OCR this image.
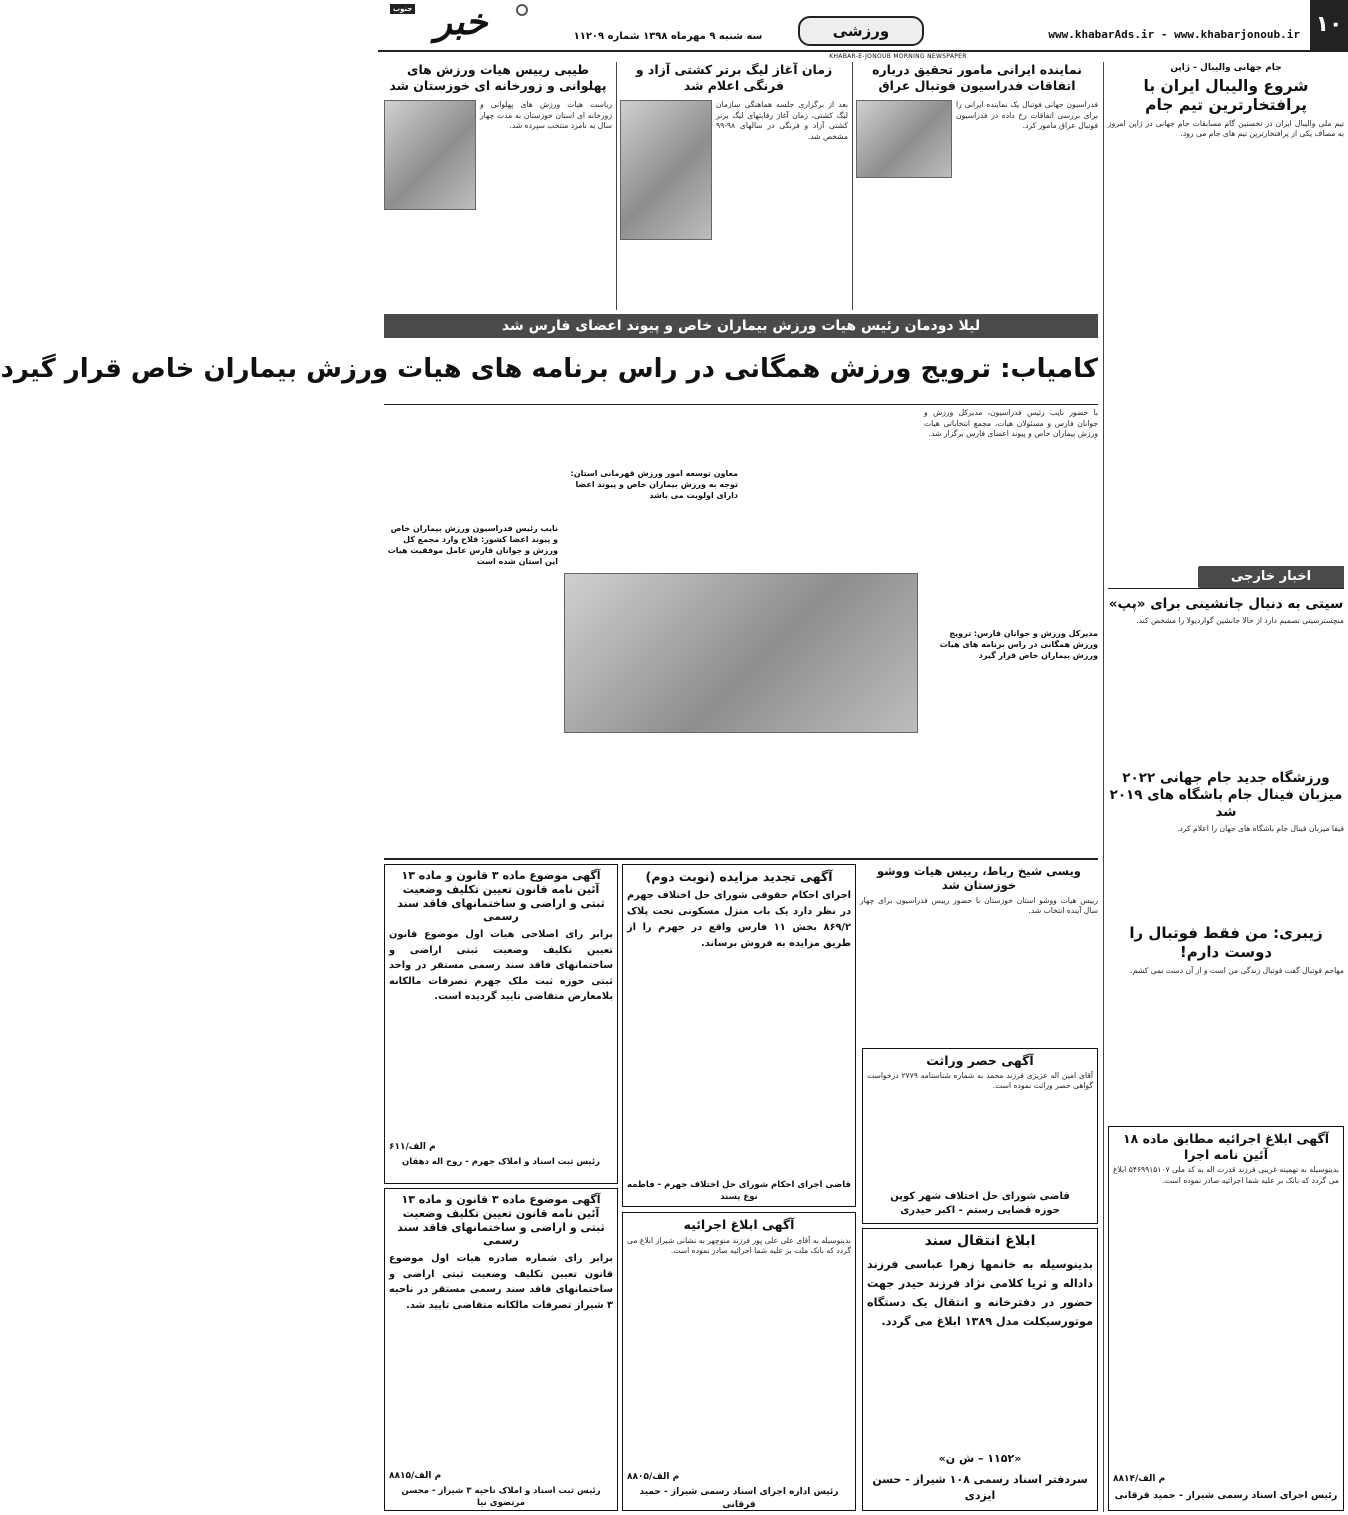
۱۰
www.khabarAds.ir - www.khabarjonoub.ir
ورزشی
سه شنبه ۹ مهرماه ۱۳۹۸ شماره ۱۱۲۰۹
خبر
جنوب
KHABAR-E-JONOUB MORNING NEWSPAPER
جام جهانی والیبال - ژاپن
شروع والیبال ایران با پرافتخارترین تیم جام

تیم ملی والیبال ایران در نخستین گام مسابقات جام جهانی در ژاپن امروز به مصاف یکی از پرافتخارترین تیم های جام می رود.

اخبار خارجی
سیتی به دنبال جانشینی برای «پپ»

منچسترسیتی تصمیم دارد از حالا جانشین گواردیولا را مشخص کند.

ورزشگاه جدید جام جهانی ۲۰۲۲ میزبان فینال جام باشگاه های ۲۰۱۹ شد

فیفا میزبان فینال جام باشگاه های جهان را اعلام کرد.

زیبری: من فقط فوتبال را دوست دارم!

مهاجم فوتبال گفت فوتبال زندگی من است و از آن دست نمی کشم.

آگهی ابلاغ اجرائیه مطابق ماده ۱۸ آئین نامه اجرا

بدینوسیله به تهمینه غریبی فرزند قدرت اله به کد ملی ۵۴۶۹۹۱۵۱۰۷ ابلاغ می گردد که بانک بر علیه شما اجرائیه صادر نموده است.

۸۸۱۴/م الف
رئیس اجرای اسناد رسمی شیراز - حمید قرقانی
نماینده ایرانی مامور تحقیق درباره اتفاقات فدراسیون فوتبال عراق

فدراسیون جهانی فوتبال یک نماینده ایرانی را برای بررسی اتفاقات رخ داده در فدراسیون فوتبال عراق مامور کرد.

زمان آغاز لیگ برتر کشتی آزاد و فرنگی اعلام شد

بعد از برگزاری جلسه هماهنگی سازمان لیگ کشتی، زمان آغاز رقابتهای لیگ برتر کشتی آزاد و فرنگی در سالهای ۹۸-۹۹ مشخص شد.

طیبی رییس هیات ورزش های پهلوانی و زورخانه ای خوزستان شد

ریاست هیات ورزش های پهلوانی و زورخانه ای استان خوزستان به مدت چهار سال به نامزد منتخب سپرده شد.

لیلا دودمان رئیس هیات ورزش بیماران خاص و پیوند اعضای فارس شد
کامیاب: ترویج ورزش همگانی در راس برنامه های هیات ورزش بیماران خاص قرار گیرد

با حضور نایب رئیس فدراسیون، مدیرکل ورزش و جوانان فارس و مسئولان هیات، مجمع انتخاباتی هیات ورزش بیماران خاص و پیوند اعضای فارس برگزار شد.

معاون توسعه امور ورزش قهرمانی استان: توجه به ورزش بیماران خاص و پیوند اعضا دارای اولویت می باشد
مدیرکل ورزش و جوانان فارس: ترویج ورزش همگانی در راس برنامه های هیات ورزش بیماران خاص قرار گیرد
نایب رئیس فدراسیون ورزش بیماران خاص و پیوند اعضا کشور: فلاح وارد مجمع کل ورزش و جوانان فارس عامل موفقیت هیات این استان شده است
ویسی شیخ رباط، رییس هیات ووشو خوزستان شد

رییس هیات ووشو استان خوزستان با حضور رییس فدراسیون برای چهار سال آینده انتخاب شد.

آگهی حصر وراثت

آقای امین اله عزیزی فرزند محمد به شماره شناسنامه ۲۷۷۹ درخواست گواهی حصر وراثت نموده است.

قاضی شورای حل اختلاف شهر کوپن
حوزه قضایی رستم - اکبر حیدری
ابلاغ انتقال سند
بدینوسیله به خانمها زهرا عباسی فرزند داداله و ثریا کلامی نژاد فرزند حیدر جهت حضور در دفترخانه و انتقال یک دستگاه موتورسیکلت مدل ۱۳۸۹ ابلاغ می گردد.
«۱۱۵۲ – ش ن»
سردفتر اسناد رسمی ۱۰۸ شیراز - حسن ایزدی
آگهی تجدید مزایده (نوبت دوم)
اجرای احکام حقوقی شورای حل اختلاف جهرم در نظر دارد یک باب منزل مسکونی تحت پلاک ۸۶۹/۲ بخش ۱۱ فارس واقع در جهرم را از طریق مزایده به فروش برساند.
قاضی اجرای احکام شورای حل اختلاف جهرم - فاطمه نوع پسند
آگهی ابلاغ اجرائیه

بدینوسیله به آقای علی علی پور فرزند منوچهر به نشانی شیراز ابلاغ می گردد که بانک ملت بر علیه شما اجرائیه صادر نموده است.

۸۸۰۵/م الف
رئیس اداره اجرای اسناد رسمی شیراز - حمید قرقانی
آگهی موضوع ماده ۳ قانون و ماده ۱۳ آئین نامه قانون تعیین تکلیف وضعیت ثبتی و اراضی و ساختمانهای فاقد سند رسمی
برابر رای اصلاحی هیات اول موضوع قانون تعیین تکلیف وضعیت ثبتی اراضی و ساختمانهای فاقد سند رسمی مستقر در واحد ثبتی حوزه ثبت ملک جهرم تصرفات مالکانه بلامعارض متقاضی تایید گردیده است.
۶۱۱/م الف
رئیس ثبت اسناد و املاک جهرم - روح اله دهقان
آگهی موضوع ماده ۳ قانون و ماده ۱۳ آئین نامه قانون تعیین تکلیف وضعیت ثبتی و اراضی و ساختمانهای فاقد سند رسمی
برابر رای شماره صادره هیات اول موضوع قانون تعیین تکلیف وضعیت ثبتی اراضی و ساختمانهای فاقد سند رسمی مستقر در ناحیه ۳ شیراز تصرفات مالکانه متقاضی تایید شد.
۸۸۱۵/م الف
رئیس ثبت اسناد و املاک ناحیه ۳ شیراز - محسن مرتضوی نیا
